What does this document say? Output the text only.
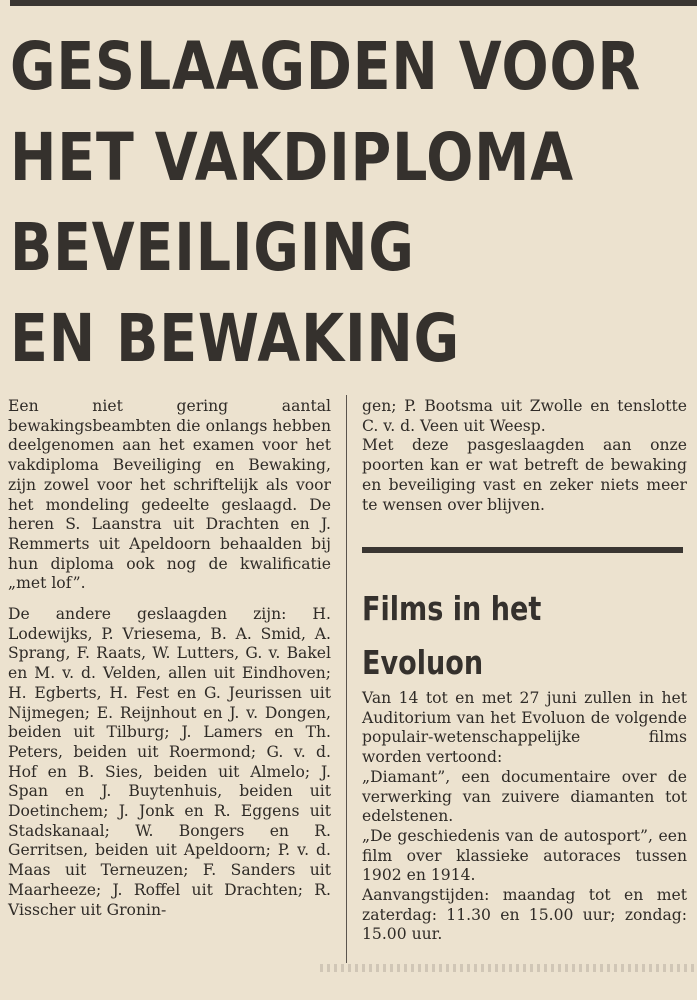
GESLAAGDEN VOOR
HET VAKDIPLOMA
BEVEILIGING
EN BEWAKING

Een niet gering aantal bewakingsbeambten die onlangs hebben deelgenomen aan het examen voor het vakdiploma Beveiliging en Bewaking, zijn zowel voor het schriftelijk als voor het mondeling gedeelte geslaagd. De heren S. Laanstra uit Drachten en J. Remmerts uit Apeldoorn behaalden bij hun diploma ook nog de kwalificatie „met lof”.

De andere geslaagden zijn: H. Lodewijks, P. Vriesema, B. A. Smid, A. Sprang, F. Raats, W. Lutters, G. v. Bakel en M. v. d. Velden, allen uit Eindhoven; H. Egberts, H. Fest en G. Jeurissen uit Nijmegen; E. Reijnhout en J. v. Dongen, beiden uit Tilburg; J. Lamers en Th. Peters, beiden uit Roermond; G. v. d. Hof en B. Sies, beiden uit Almelo; J. Span en J. Buytenhuis, beiden uit Doetinchem; J. Jonk en R. Eggens uit Stadskanaal; W. Bongers en R. Gerritsen, beiden uit Apeldoorn; P. v. d. Maas uit Terneuzen; F. Sanders uit Maarheeze; J. Roffel uit Drachten; R. Visscher uit Gronin-

gen; P. Bootsma uit Zwolle en tenslotte C. v. d. Veen uit Weesp.

Met deze pasgeslaagden aan onze poorten kan er wat betreft de bewaking en beveiliging vast en zeker niets meer te wensen over blijven.

Films in het
Evoluon

Van 14 tot en met 27 juni zullen in het Auditorium van het Evoluon de volgende populair-wetenschappelijke films worden vertoond:

„Diamant”, een documentaire over de verwerking van zuivere diamanten tot edelstenen.

„De geschiedenis van de autosport”, een film over klassieke autoraces tussen 1902 en 1914.

Aanvangstijden: maandag tot en met zaterdag: 11.30 en 15.00 uur; zondag: 15.00 uur.
